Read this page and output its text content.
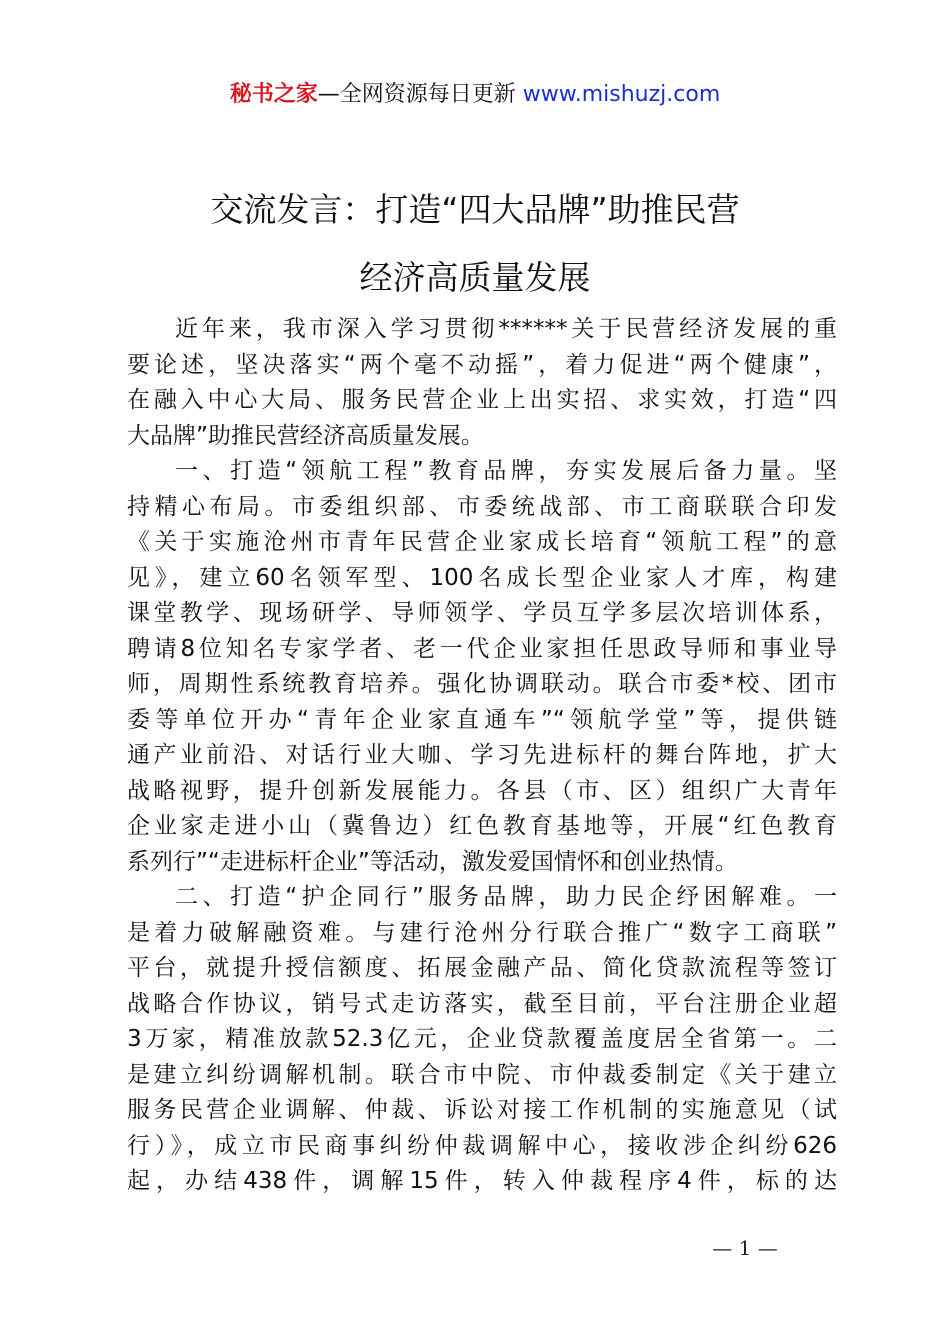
秘书之家—全网资源每日更新 www.mishuzj.com
交流发言：打造“四大品牌”助推民营
经济高质量发展
近年来，我市深入学习贯彻******关于民营经济发展的重
要论述，坚决落实“两个毫不动摇”，着力促进“两个健康”，
在融入中心大局、服务民营企业上出实招、求实效，打造“四
大品牌”助推民营经济高质量发展。
一、打造“领航工程”教育品牌，夯实发展后备力量。坚
持精心布局。市委组织部、市委统战部、市工商联联合印发
《关于实施沧州市青年民营企业家成长培育“领航工程”的意
见》，建立60名领军型、100名成长型企业家人才库，构建
课堂教学、现场研学、导师领学、学员互学多层次培训体系，
聘请8位知名专家学者、老一代企业家担任思政导师和事业导
师，周期性系统教育培养。强化协调联动。联合市委*校、团市
委等单位开办“青年企业家直通车”“领航学堂”等，提供链
通产业前沿、对话行业大咖、学习先进标杆的舞台阵地，扩大
战略视野，提升创新发展能力。各县（市、区）组织广大青年
企业家走进小山（冀鲁边）红色教育基地等，开展“红色教育
系列行”“走进标杆企业”等活动，激发爱国情怀和创业热情。
二、打造“护企同行”服务品牌，助力民企纾困解难。一
是着力破解融资难。与建行沧州分行联合推广“数字工商联”
平台，就提升授信额度、拓展金融产品、简化贷款流程等签订
战略合作协议，销号式走访落实，截至目前，平台注册企业超
3万家，精准放款52.3亿元，企业贷款覆盖度居全省第一。二
是建立纠纷调解机制。联合市中院、市仲裁委制定《关于建立
服务民营企业调解、仲裁、诉讼对接工作机制的实施意见（试
行）》，成立市民商事纠纷仲裁调解中心，接收涉企纠纷626
起，办结438件，调解15件，转入仲裁程序4件，标的达
— 1 —
